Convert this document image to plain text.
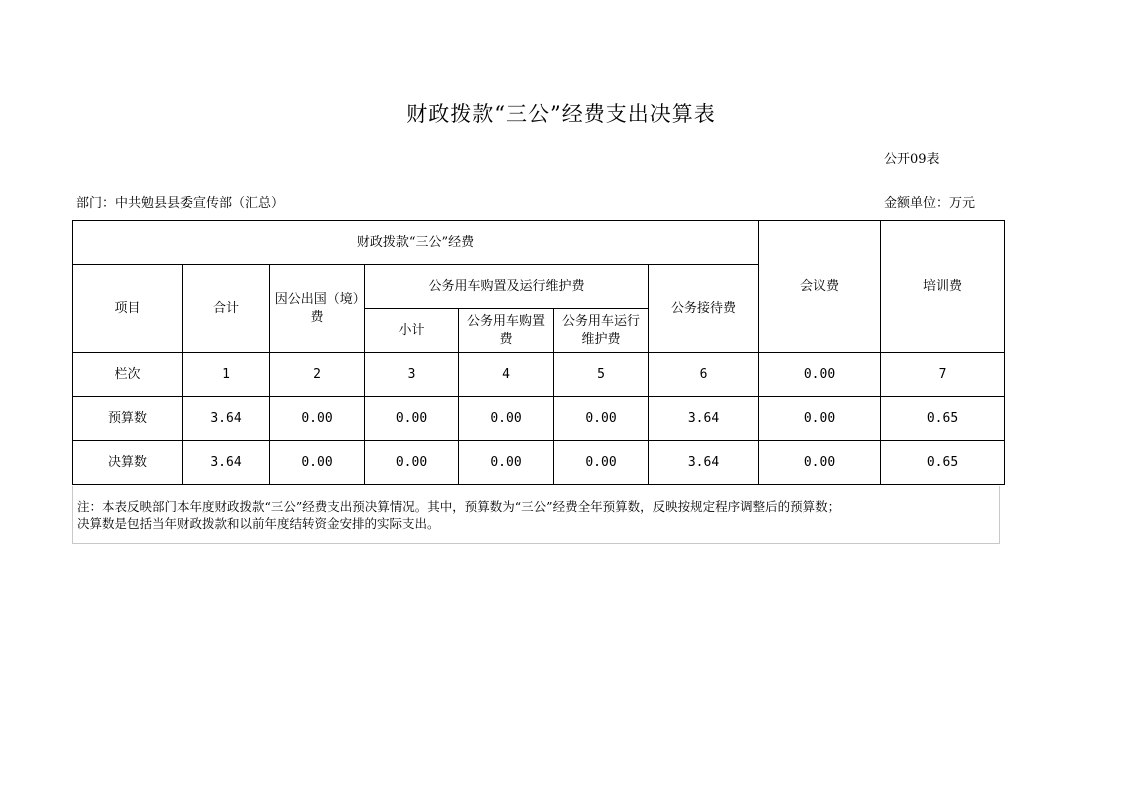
财政拨款“三公”经费支出决算表
公开09表
部门：中共勉县县委宣传部（汇总）	金额单位：万元
财政拨款“三公”经费							会议费	培训费
项目	合计	因公出国（境）费	公务用车购置及运行维护费			公务接待费		
			小计	公务用车购置费	公务用车运行维护费			
栏次	1	2	3	4	5	6	0.00	7
预算数	3.64	0.00	0.00	0.00	0.00	3.64	0.00	0.65
决算数	3.64	0.00	0.00	0.00	0.00	3.64	0.00	0.65
注：本表反映部门本年度财政拨款“三公”经费支出预决算情况。其中，预算数为“三公”经费全年预算数，反映按规定程序调整后的预算数；
决算数是包括当年财政拨款和以前年度结转资金安排的实际支出。
